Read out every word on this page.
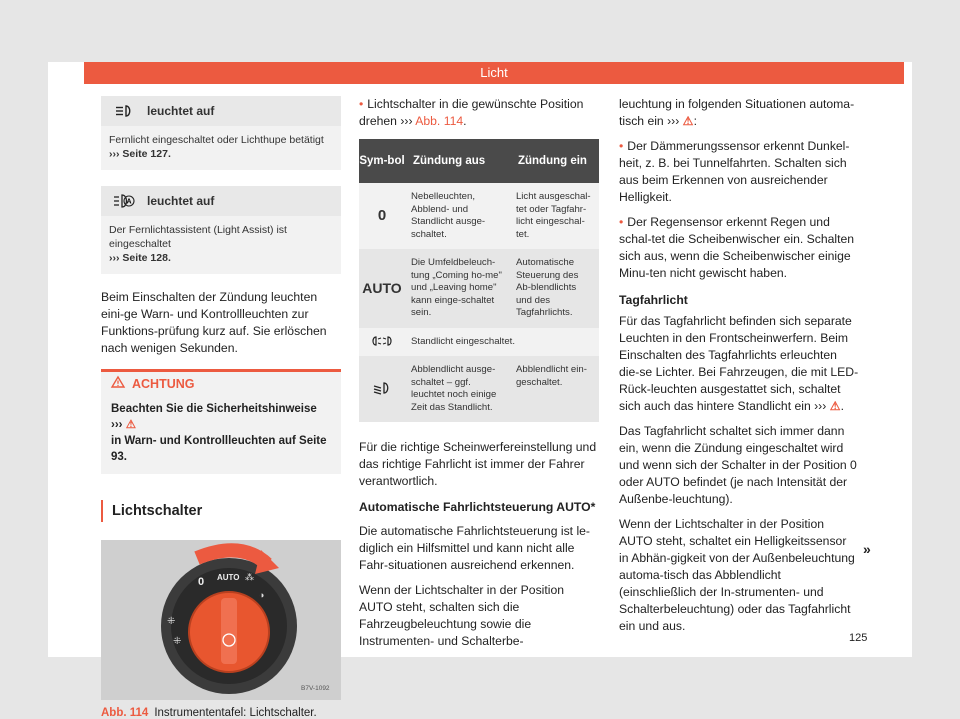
Licht
leuchtet auf
Fernlicht eingeschaltet oder Lichthupe betätigt
››› Seite 127.
A leuchtet auf
Der Fernlichtassistent (Light Assist) ist eingeschaltet
››› Seite 128.

Beim Einschalten der Zündung leuchten eini-ge Warn- und Kontrollleuchten zur Funktions-prüfung kurz auf. Sie erlöschen nach wenigen Sekunden.

ACHTUNG
Beachten Sie die Sicherheitshinweise ››› ⚠
in Warn- und Kontrollleuchten auf Seite 93.
Lichtschalter
0 AUTO ⁂
◑
⁜
⁜
B7V-1092
Abb. 114 Instrumententafel: Lichtschalter.

• Lichtschalter in die gewünschte Position drehen ››› Abb. 114.

Sym-bol	Zündung aus	Zündung ein
0	Nebelleuchten, Abblend- und Standlicht ausge-schaltet.	Licht ausgeschal-tet oder Tagfahr-licht eingeschal-tet.
AUTO	Die Umfeldbeleuch-tung „Coming ho-me" und „Leaving home" kann einge-schaltet sein.	Automatische Steuerung des Ab-blendlichts und des Tagfahrlichts.
	Standlicht eingeschaltet.	
	Abblendlicht ausge-schaltet – ggf. leuchtet noch einige Zeit das Standlicht.	Abblendlicht ein-geschaltet.

Für die richtige Scheinwerfereinstellung und das richtige Fahrlicht ist immer der Fahrer verantwortlich.

Automatische Fahrlichtsteuerung AUTO*

Die automatische Fahrlichtsteuerung ist le-diglich ein Hilfsmittel und kann nicht alle Fahr-situationen ausreichend erkennen.

Wenn der Lichtschalter in der Position AUTO steht, schalten sich die Fahrzeugbeleuchtung sowie die Instrumenten- und Schalterbe-

leuchtung in folgenden Situationen automa-tisch ein ››› ⚠:

• Der Dämmerungssensor erkennt Dunkel-heit, z. B. bei Tunnelfahrten. Schalten sich aus beim Erkennen von ausreichender Helligkeit.

• Der Regensensor erkennt Regen und schal-tet die Scheibenwischer ein. Schalten sich aus, wenn die Scheibenwischer einige Minu-ten nicht gewischt haben.

Tagfahrlicht

Für das Tagfahrlicht befinden sich separate Leuchten in den Frontscheinwerfern. Beim Einschalten des Tagfahrlichts erleuchten die-se Lichter. Bei Fahrzeugen, die mit LED-Rück-leuchten ausgestattet sich, schaltet sich auch das hintere Standlicht ein ››› ⚠.

Das Tagfahrlicht schaltet sich immer dann ein, wenn die Zündung eingeschaltet wird und wenn sich der Schalter in der Position 0 oder AUTO befindet (je nach Intensität der Außenbe-leuchtung).

Wenn der Lichtschalter in der Position AUTO steht, schaltet ein Helligkeitssensor in Abhän-gigkeit von der Außenbeleuchtung automa-tisch das Abblendlicht (einschließlich der In-strumenten- und Schalterbeleuchtung) oder das Tagfahrlicht ein und aus.

»
125
